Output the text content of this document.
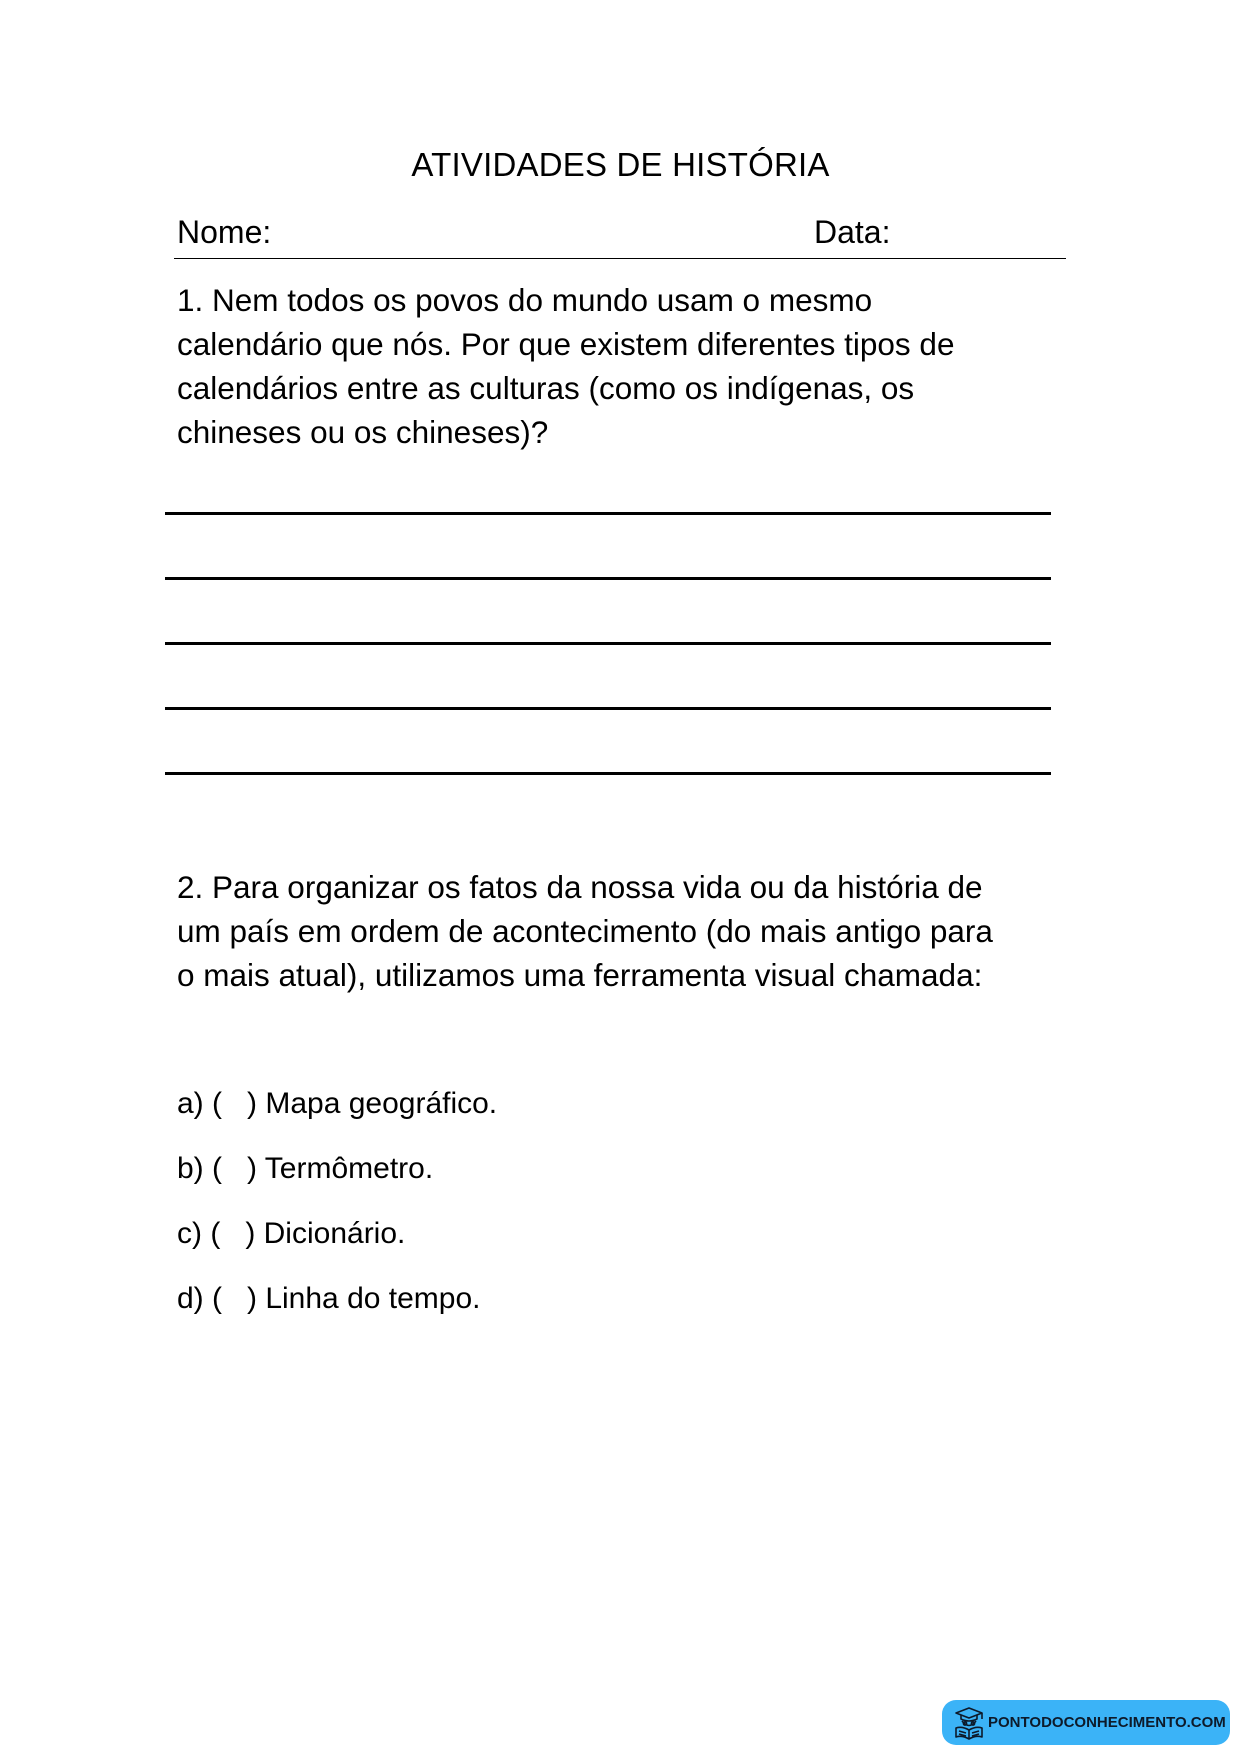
ATIVIDADES DE HISTÓRIA
Nome:	Data:
1. Nem todos os povos do mundo usam o mesmo
calendário que nós. Por que existem diferentes tipos de
calendários entre as culturas (como os indígenas, os
chineses ou os chineses)?
2. Para organizar os fatos da nossa vida ou da história de
um país em ordem de acontecimento (do mais antigo para
o mais atual), utilizamos uma ferramenta visual chamada:
a) (   ) Mapa geográfico.
b) (   ) Termômetro.
c) (   ) Dicionário.
d) (   ) Linha do tempo.
PONTODOCONHECIMENTO.COM
